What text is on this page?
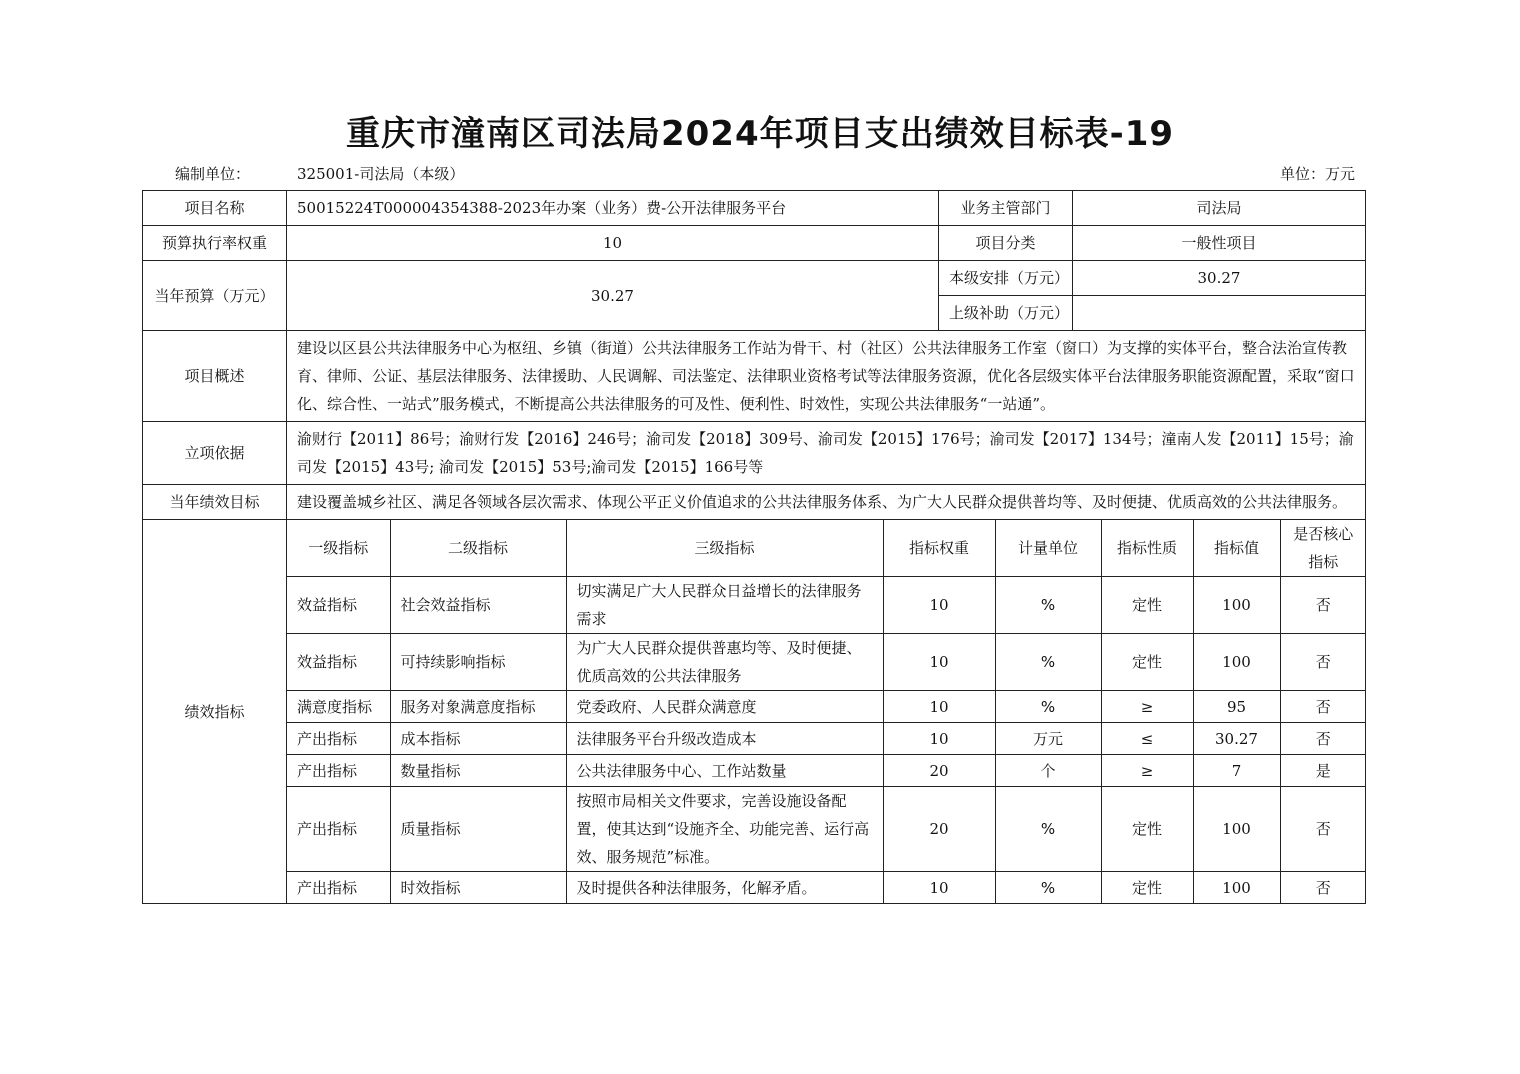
重庆市潼南区司法局2024年项目支出绩效目标表-19
编制单位：	325001-司法局（本级）	单位：万元
项目名称	50015224T000004354388-2023年办案（业务）费-公开法律服务平台	业务主管部门	司法局
预算执行率权重	10	项目分类	一般性项目
当年预算（万元）	30.27	本级安排（万元）	30.27
上级补助（万元）	
项目概述	建设以区县公共法律服务中心为枢纽、乡镇（街道）公共法律服务工作站为骨干、村（社区）公共法律服务工作室（窗口）为支撑的实体平台，整合法治宣传教育、律师、公证、基层法律服务、法律援助、人民调解、司法鉴定、法律职业资格考试等法律服务资源，优化各层级实体平台法律服务职能资源配置，采取“窗口化、综合性、一站式”服务模式，不断提高公共法律服务的可及性、便利性、时效性，实现公共法律服务“一站通”。
立项依据	渝财行【2011】86号；渝财行发【2016】246号；渝司发【2018】309号、渝司发【2015】176号；渝司发【2017】134号；潼南人发【2011】15号；渝司发【2015】43号; 渝司发【2015】53号;渝司发【2015】166号等
当年绩效目标	建设覆盖城乡社区、满足各领域各层次需求、体现公平正义价值追求的公共法律服务体系、为广大人民群众提供普均等、及时便捷、优质高效的公共法律服务。
绩效指标	
一级指标	二级指标	三级指标	指标权重	计量单位	指标性质	指标值	是否核心指标
效益指标	社会效益指标	切实满足广大人民群众日益增长的法律服务需求	10	%	定性	100	否
效益指标	可持续影响指标	为广大人民群众提供普惠均等、及时便捷、优质高效的公共法律服务	10	%	定性	100	否
满意度指标	服务对象满意度指标	党委政府、人民群众满意度	10	%	≥	95	否
产出指标	成本指标	法律服务平台升级改造成本	10	万元	≤	30.27	否
产出指标	数量指标	公共法律服务中心、工作站数量	20	个	≥	7	是
产出指标	质量指标	按照市局相关文件要求，完善设施设备配置，使其达到“设施齐全、功能完善、运行高效、服务规范”标准。	20	%	定性	100	否
产出指标	时效指标	及时提供各种法律服务，化解矛盾。	10	%	定性	100	否
